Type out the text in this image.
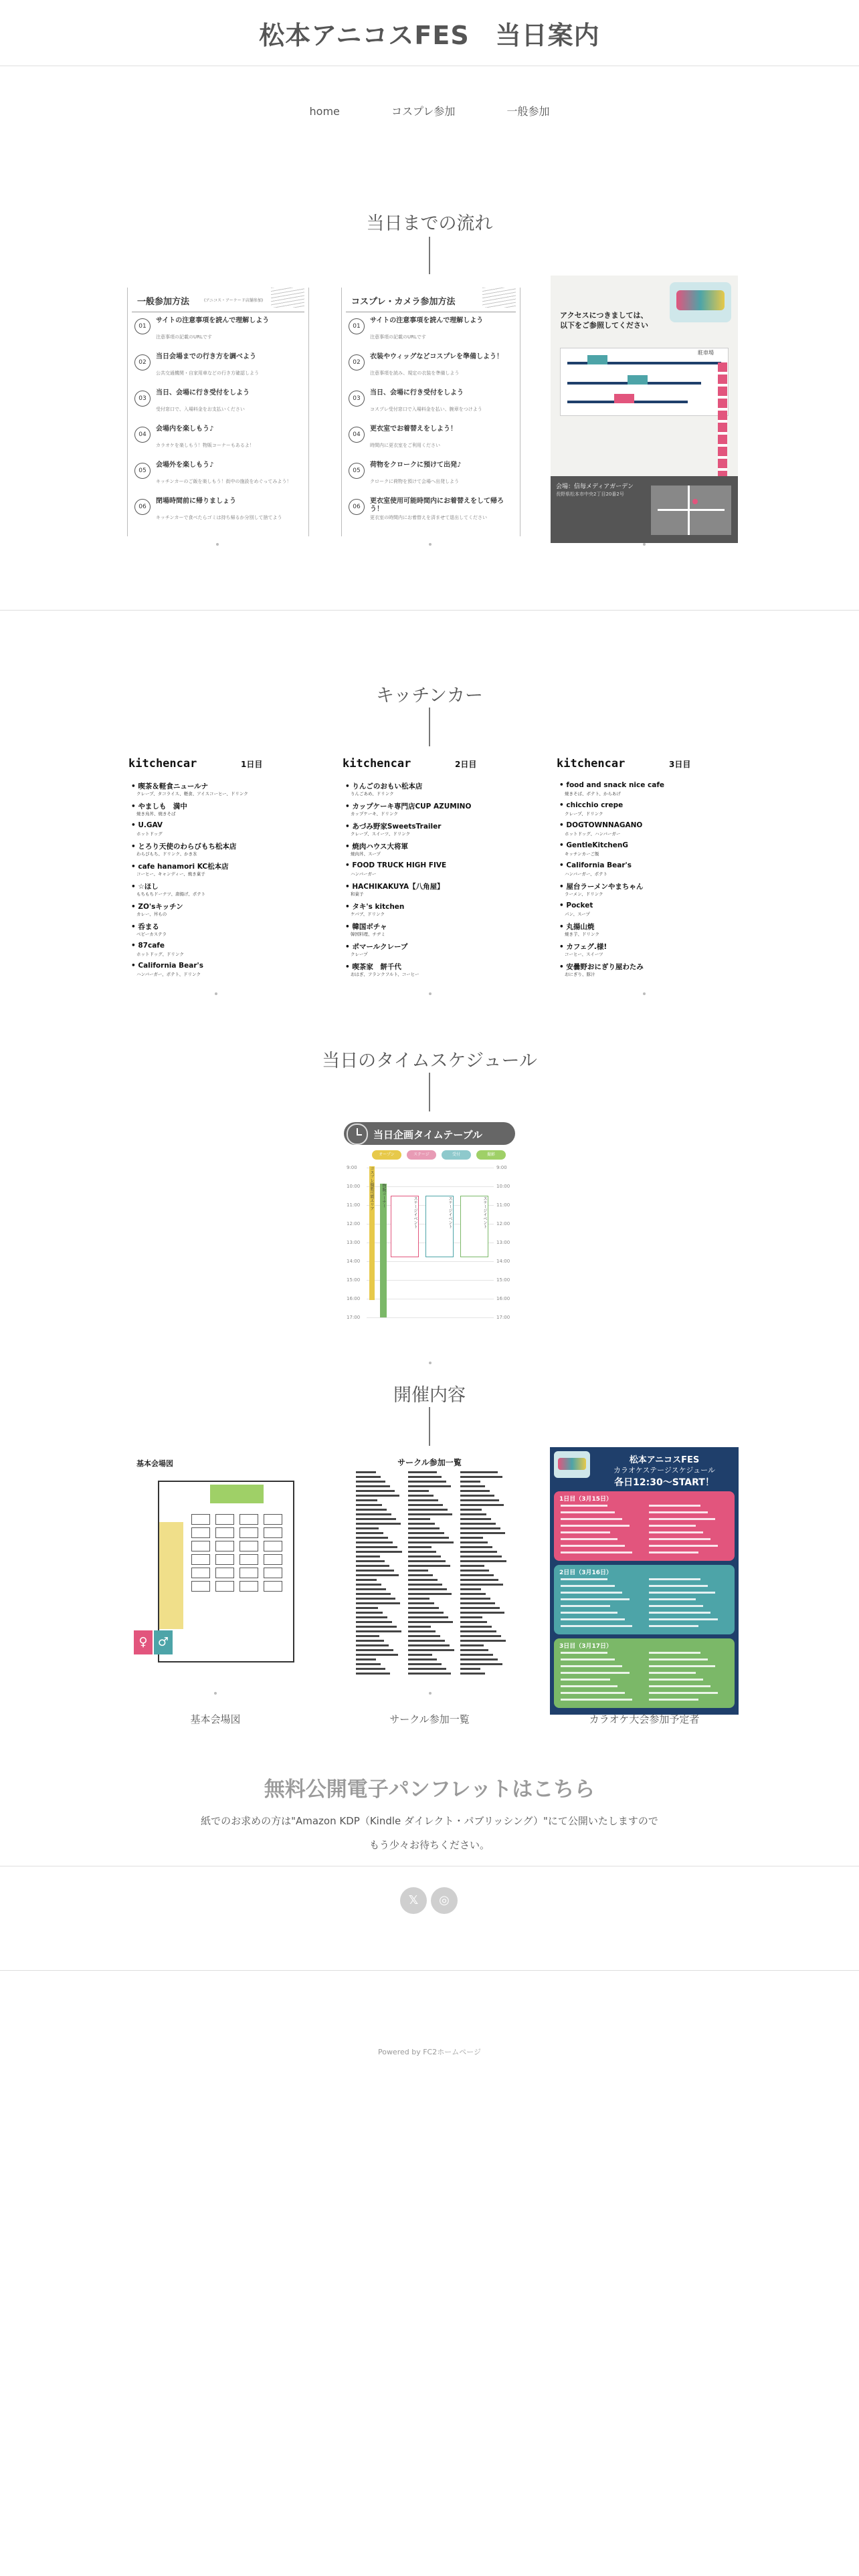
松本アニコスFES　当日案内
home	コスプレ参加	一般参加
当日までの流れ
一般参加方法	(アニコス・アーケード店舗参加)
01
サイトの注意事項を読んで理解しよう
注意事項の記載のURLです
02
当日会場までの行き方を調べよう
公共交通機関・自家用車などの行き方確認しよう
03
当日、会場に行き受付をしよう
受付窓口で、入場料金をお支払いください
04
会場内を楽しもう♪
カラオケを楽しもう！物販コーナーもあるよ！
05
会場外を楽しもう♪
キッチンカーのご飯を楽しもう！街中の施設をめぐってみよう！
06
閉場時間前に帰りましょう
キッチンカーで食べたらゴミは持ち帰るか分別して捨てよう
コスプレ・カメラ参加方法
01
サイトの注意事項を読んで理解しよう
注意事項の記載のURLです
02
衣装やウィッグなどコスプレを準備しよう！
注意事項を読み、規定の衣装を準備しよう
03
当日、会場に行き受付をしよう
コスプレ受付窓口で入場料金を払い、腕章をつけよう
04
更衣室でお着替えをしよう！
時間内に更衣室をご利用ください
05
荷物をクロークに預けて出発♪
クロークに荷物を預けて会場へ出発しよう
06
更衣室使用可能時間内にお着替えをして帰ろう！
更衣室の時間内にお着替えを済ませて退出してください
アクセスにつきましては、以下をご参照してください
駐車場
会場：信毎メディアガーデン
長野県松本市中央2丁目20番2号
キッチンカー
kitchencar	1日目
• 喫茶＆軽食ニュールナ
クレープ、タコライス、軽食、アイスコーヒー、ドリンク
• やましも　満中
焼き鳥丼、焼きそば
• U.GAV
ホットドッグ
• とろり天使のわらびもち松本店
わらびもち、ドリンク、かき氷
• cafe hanamori KC松本店
コーヒー、キャンディー、焼き菓子
• ☆ほし
もちもちドーナツ、唐揚げ、ポテト
• ZO'sキッチン
カレー、丼もの
• 呑まる
ベビーカステラ
• 87cafe
ホットドッグ、ドリンク
• California Bear's
ハンバーガー、ポテト、ドリンク
kitchencar	2日目
• りんごのおもい松本店
りんごあめ、ドリンク
• カップケーキ専門店CUP AZUMINO
カップケーキ、ドリンク
• あづみ野家SweetsTrailer
クレープ、スイーツ、ドリンク
• 焼肉ハウス大将軍
焼肉丼、スープ
• FOOD TRUCK HIGH FIVE
ハンバーガー
• HACHIKAKUYA【八角屋】
和菓子
• タキ's kitchen
ケバブ、ドリンク
• 韓国ボチャ
韓国料理、チヂミ
• ポマールクレープ
クレープ
• 喫茶家　餅千代
おはぎ、フランクフルト、コーヒー
kitchencar	3日目
• food and snack nice cafe
焼きそば、ポテト、からあげ
• chicchio crepe
クレープ、ドリンク
• DOGTOWNNAGANO
ホットドッグ、ハンバーガー
• GentleKitchenG
キッチンカーご飯
• California Bear's
ハンバーガー、ポテト
• 屋台ラーメンやまちゃん
ラーメン、ドリンク
• Pocket
パン、スープ
• 丸揚山焼
焼き芋、ドリンク
• カフェグ.様!
コーヒー、スイーツ
• 安曇野おにぎり屋わたみ
おにぎり、豚汁
当日のタイムスケジュール
当日企画タイムテーブル
オープン	ステージ	受付	撮影
9:00	9:00
10:00	10:00
11:00	11:00
12:00	12:00
13:00	13:00
14:00	14:00
15:00	15:00
16:00	16:00
17:00	17:00
コスプレ撮影可能エリア
ステージイベント	ステージイベント	ステージイベント
物販コーナー
開催内容
基本会場図
♀ ♂
基本会場図
サークル参加一覧
サークル参加一覧
松本アニコスFES
カラオケステージスケジュール
各日12:30～START！
1日目（3月15日）
2日目（3月16日）
3日目（3月17日）
カラオケ大会参加予定者
無料公開電子パンフレットはこちら
紙でのお求めの方は"Amazon KDP（Kindle ダイレクト・パブリッシング）"にて公開いたしますので
もう少々お待ちください。
𝕏	◎
Powered by FC2ホームページ
